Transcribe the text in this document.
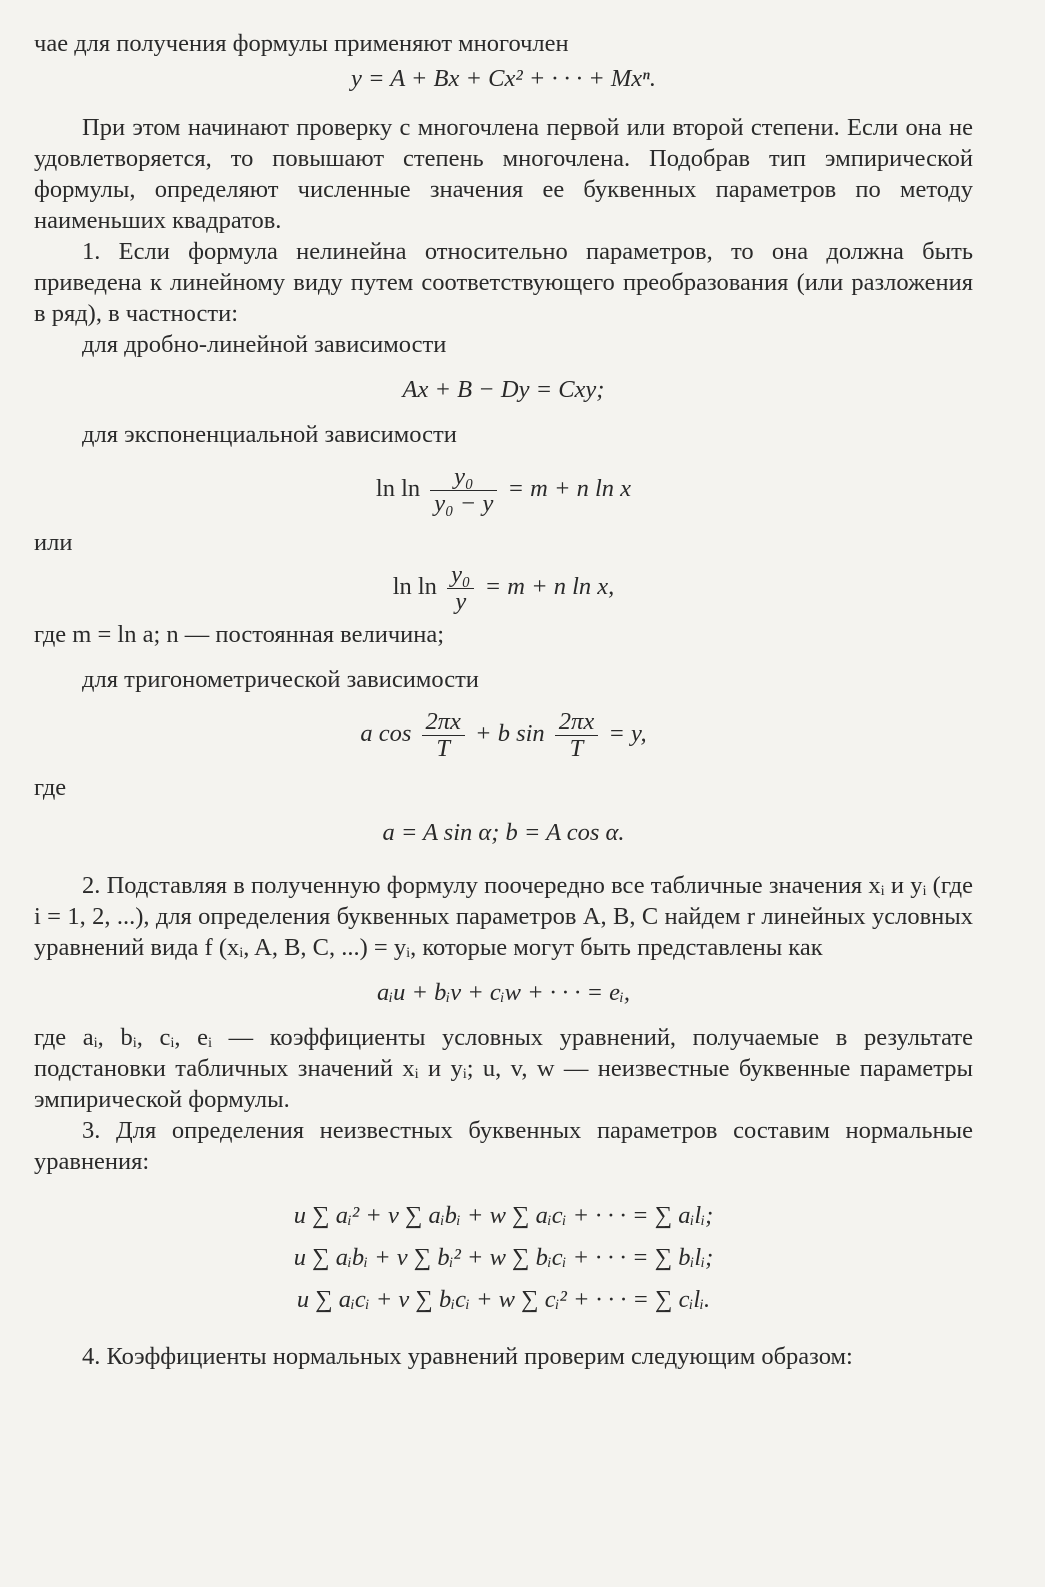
чае для получения формулы применяют многочлен

y = A + Bx + Cx² + · · · + Mxⁿ.

При этом начинают проверку с многочлена первой или второй степени. Если она не удовлетворяется, то повышают степень многочлена. Подобрав тип эмпирической формулы, определяют численные значения ее буквенных параметров по методу наименьших квадратов.

1. Если формула нелинейна относительно параметров, то она должна быть приведена к линейному виду путем соответствующего преобразования (или разложения в ряд), в частности:

для дробно-линейной зависимости

Ax + B − Dy = Cxy;

для экспоненциальной зависимости

$\ln \ln \frac{\text{y₀}}{\text{y₀ − y}} = m + n$ ln x

или

$\ln \ln \frac{\text{y₀}}{y} = m + n$ ln x,

где m = ln a; n — постоянная величина;

для тригонометрической зависимости

a $\cos \frac{2\pi x}{T} + b$ $\sin \frac{2\pi x}{T} = y$,

где

a = A sin α; b = A cos α.

2. Подставляя в полученную формулу поочередно все табличные значения xᵢ и yᵢ (где i = 1, 2, ...), для определения буквенных параметров A, B, C найдем r линейных условных уравнений вида f (xᵢ, A, B, C, ...) = yᵢ, которые могут быть представлены как

aᵢu + bᵢv + cᵢw + · · · = eᵢ,

где aᵢ, bᵢ, cᵢ, eᵢ — коэффициенты условных уравнений, получаемые в результате подстановки табличных значений xᵢ и yᵢ; u, v, w — неизвестные буквенные параметры эмпирической формулы.

3. Для определения неизвестных буквенных параметров составим нормальные уравнения:

u ∑ aᵢ² + v ∑ aᵢbᵢ + w ∑ aᵢcᵢ + · · · = ∑ aᵢlᵢ;

u ∑ aᵢbᵢ + v ∑ bᵢ² + w ∑ bᵢcᵢ + · · · = ∑ bᵢlᵢ;

u ∑ aᵢcᵢ + v ∑ bᵢcᵢ + w ∑ cᵢ² + · · · = ∑ cᵢlᵢ.

4. Коэффициенты нормальных уравнений проверим следующим образом:
